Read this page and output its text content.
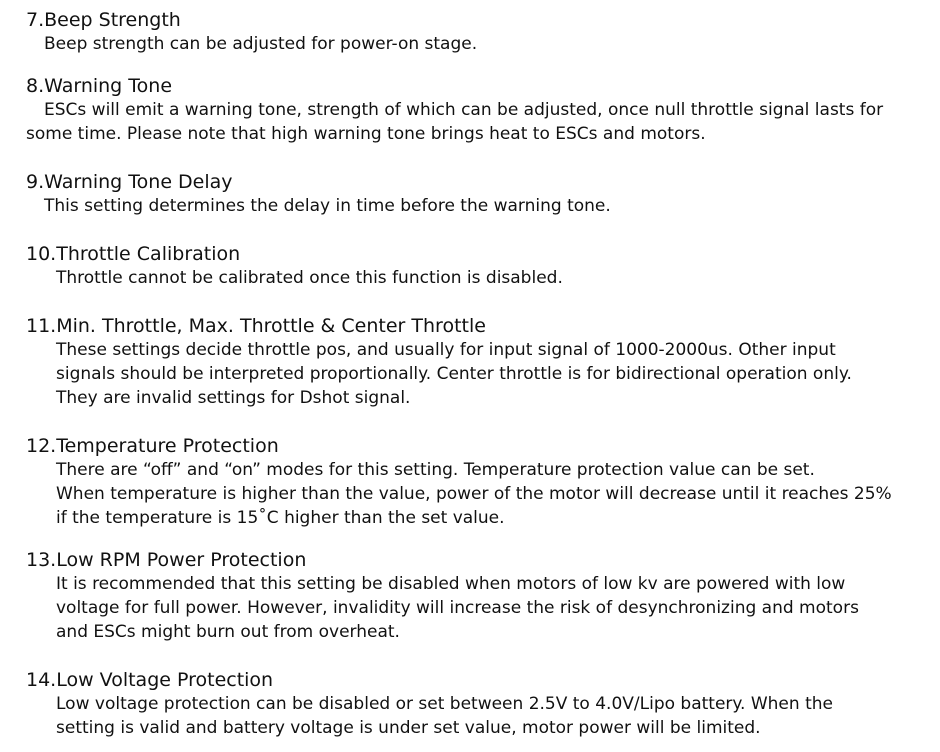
7.Beep Strength
Beep strength can be adjusted for power-on stage.
8.Warning Tone
ESCs will emit a warning tone, strength of which can be adjusted, once null throttle signal lasts for
some time. Please note that high warning tone brings heat to ESCs and motors.
9.Warning Tone Delay
This setting determines the delay in time before the warning tone.
10.Throttle Calibration
Throttle cannot be calibrated once this function is disabled.
11.Min. Throttle, Max. Throttle & Center Throttle
These settings decide throttle pos, and usually for input signal of 1000-2000us. Other input
signals should be interpreted proportionally. Center throttle is for bidirectional operation only.
They are invalid settings for Dshot signal.
12.Temperature Protection
There are “off” and “on” modes for this setting. Temperature protection value can be set.
When temperature is higher than the value, power of the motor will decrease until it reaches 25%
if the temperature is 15˚C higher than the set value.
13.Low RPM Power Protection
It is recommended that this setting be disabled when motors of low kv are powered with low
voltage for full power. However, invalidity will increase the risk of desynchronizing and motors
and ESCs might burn out from overheat.
14.Low Voltage Protection
Low voltage protection can be disabled or set between 2.5V to 4.0V/Lipo battery. When the
setting is valid and battery voltage is under set value, motor power will be limited.
